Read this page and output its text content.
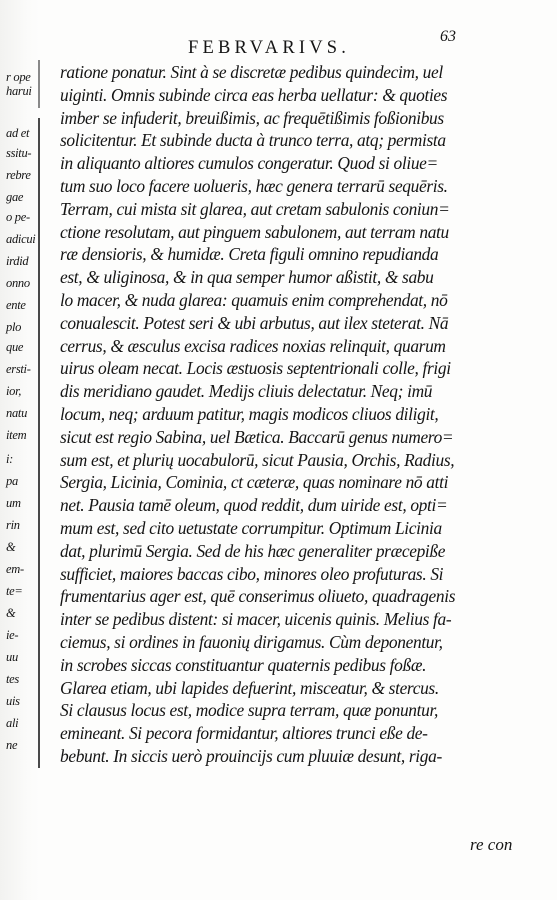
r ope
harui
ad et
ssitu-
rebre
gae
o pe-
adicui
irdid
onno
ente
plo
que
ersti-
ior,
natu
item
i:
pa
um
rin
&
em-
te=
&
ie-
uu
tes
uis
ali
ne
FEBRVARIVS.
63
ratione ponatur. Sint à se discretæ pedibus quindecim, uel
uiginti. Omnis subinde circa eas herba uellatur: & quoties
imber se infuderit, breuißimis, ac frequētißimis foßionibus
solicitentur. Et subinde ducta à trunco terra, atq; permista
in aliquanto altiores cumulos congeratur. Quod si oliue=
tum suo loco facere uolueris, hæc genera terrarū sequēris.
Terram, cui mista sit glarea, aut cretam sabulonis coniun=
ctione resolutam, aut pinguem sabulonem, aut terram natu
ræ densioris, & humidæ. Creta figuli omnino repudianda
est, & uliginosa, & in qua semper humor aßistit, & sabu
lo macer, & nuda glarea: quamuis enim comprehendat, nō
conualescit. Potest seri & ubi arbutus, aut ilex steterat. Nā
cerrus, & æsculus excisa radices noxias relinquit, quarum
uirus oleam necat. Locis æstuosis septentrionali colle, frigi
dis meridiano gaudet. Medijs cliuis delectatur. Neq; imū
locum, neq; arduum patitur, magis modicos cliuos diligit,
sicut est regio Sabina, uel Bætica. Baccarū genus numero=
sum est, et plurių uocabulorū, sicut Pausia, Orchis, Radius,
Sergia, Licinia, Cominia, ct cæteræ, quas nominare nō atti
net. Pausia tamē oleum, quod reddit, dum uiride est, opti=
mum est, sed cito uetustate corrumpitur. Optimum Licinia
dat, plurimū Sergia. Sed de his hæc generaliter præcepiße
sufficiet, maiores baccas cibo, minores oleo profuturas. Si
frumentarius ager est, quē conserimus oliueto, quadragenis
inter se pedibus distent: si macer, uicenis quinis. Melius fa-
ciemus, si ordines in fauonių dirigamus. Cùm deponentur,
in scrobes siccas constituantur quaternis pedibus foßæ.
Glarea etiam, ubi lapides defuerint, misceatur, & stercus.
Si clausus locus est, modice supra terram, quæ ponuntur,
emineant. Si pecora formidantur, altiores trunci eße de-
bebunt. In siccis uerò prouincijs cum pluuiæ desunt, riga-
re con
